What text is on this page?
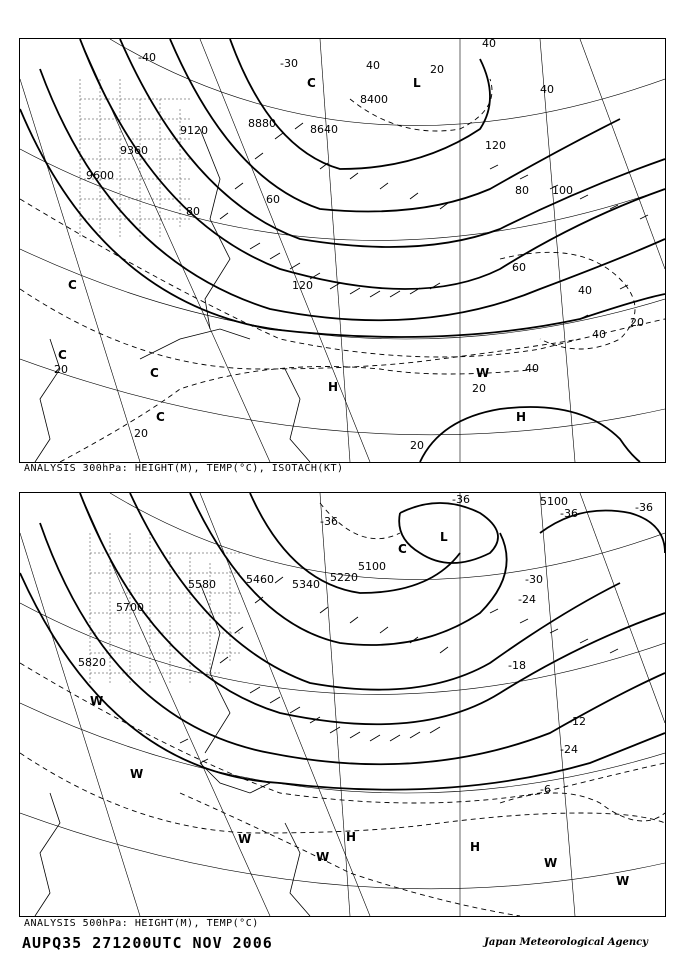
8880	8640
8400
9120
9360
9600
40
20
40
120
80 100
60
40
20
120
40
20
40
20
20
60
80
20
40
-40	-30
L
C
C
C
C
C
H
H
W
ANALYSIS 300hPa: HEIGHT(M), TEMP(°C), ISOTACH(KT)
5100
5100
5220
5340
5460
5580
5700
5820
-36
-36
-36
-30
-24
-24
-18
-12
-6
-36
L
C
W
W
W
H
H
W
W
W
ANALYSIS 500hPa: HEIGHT(M), TEMP(°C)
AUPQ35 271200UTC NOV 2006	Japan Meteorological Agency
